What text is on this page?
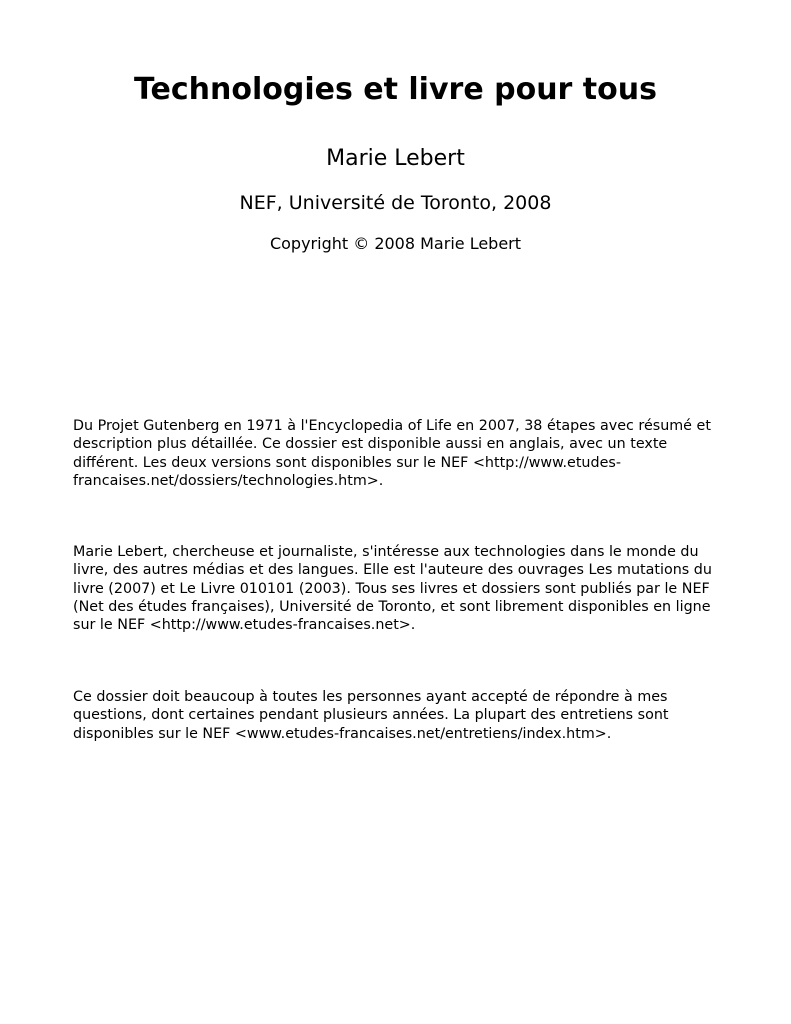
Technologies et livre pour tous
Marie Lebert
NEF, Université de Toronto, 2008
Copyright © 2008 Marie Lebert

Du Projet Gutenberg en 1971 à l'Encyclopedia of Life en 2007, 38 étapes avec résumé et description plus détaillée. Ce dossier est disponible aussi en anglais, avec un texte différent. Les deux versions sont disponibles sur le NEF <http://www.etudes-francaises.net/dossiers/technologies.htm>.

Marie Lebert, chercheuse et journaliste, s'intéresse aux technologies dans le monde du livre, des autres médias et des langues. Elle est l'auteure des ouvrages Les mutations du livre (2007) et Le Livre 010101 (2003). Tous ses livres et dossiers sont publiés par le NEF (Net des études françaises), Université de Toronto, et sont librement disponibles en ligne sur le NEF <http://www.etudes-francaises.net>.

Ce dossier doit beaucoup à toutes les personnes ayant accepté de répondre à mes questions, dont certaines pendant plusieurs années. La plupart des entretiens sont disponibles sur le NEF <www.etudes-francaises.net/entretiens/index.htm>.
